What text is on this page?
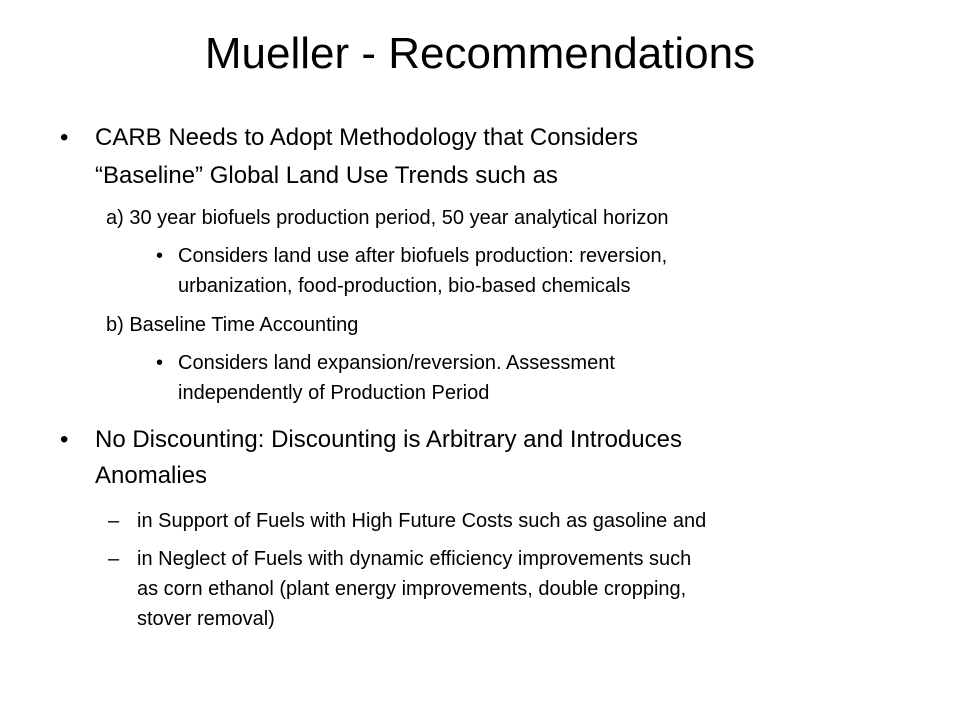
Mueller - Recommendations
• CARB Needs to Adopt Methodology that Considers
“Baseline” Global Land Use Trends such as
a) 30 year biofuels production period, 50 year analytical horizon
• Considers land use after biofuels production: reversion,
urbanization, food-production, bio-based chemicals
b) Baseline Time Accounting
• Considers land expansion/reversion. Assessment
independently of Production Period
• No Discounting: Discounting is Arbitrary and Introduces
Anomalies
– in Support of Fuels with High Future Costs such as gasoline and
– in Neglect of Fuels with dynamic efficiency improvements such
as corn ethanol (plant energy improvements, double cropping,
stover removal)
